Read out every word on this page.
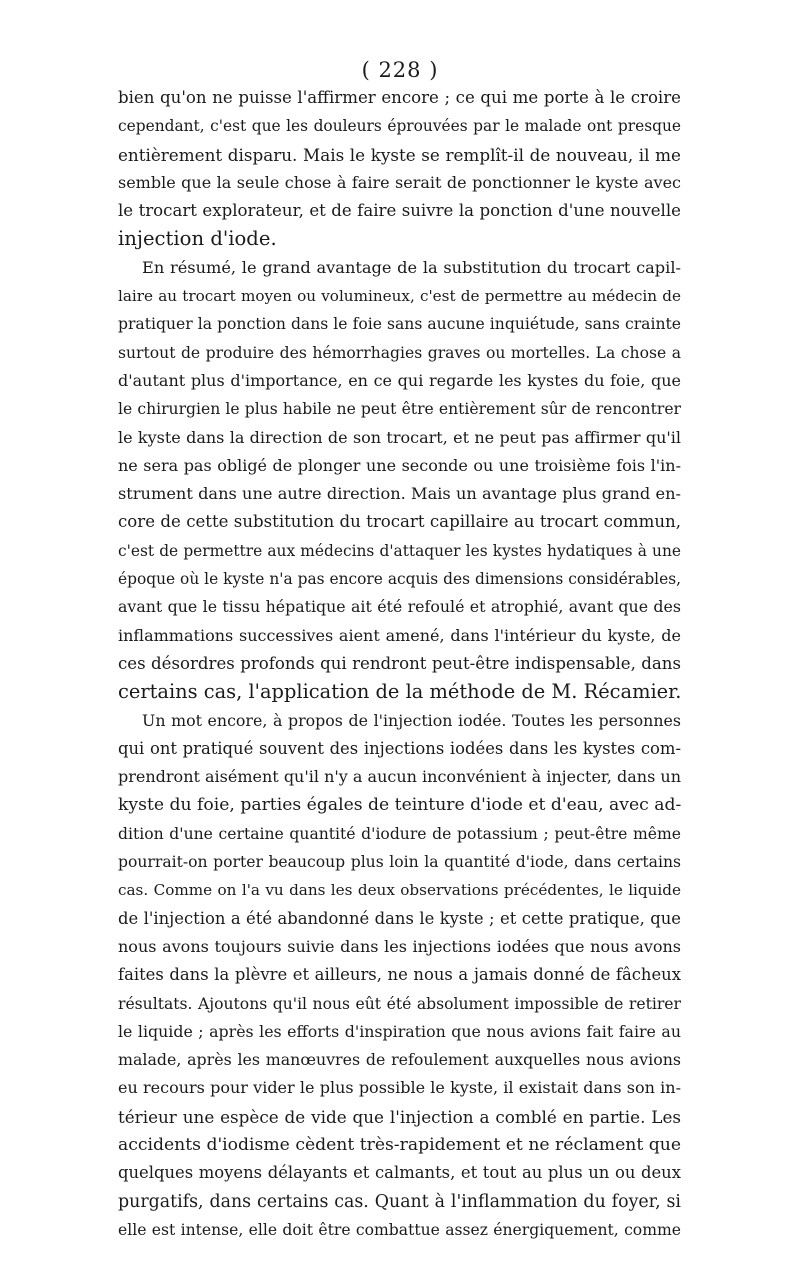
( 228 )
bien qu'on ne puisse l'affirmer encore ; ce qui me porte à le croire
cependant, c'est que les douleurs éprouvées par le malade ont presque
entièrement disparu. Mais le kyste se remplît-il de nouveau, il me
semble que la seule chose à faire serait de ponctionner le kyste avec
le trocart explorateur, et de faire suivre la ponction d'une nouvelle
injection d'iode.
En résumé, le grand avantage de la substitution du trocart capil-
laire au trocart moyen ou volumineux, c'est de permettre au médecin de
pratiquer la ponction dans le foie sans aucune inquiétude, sans crainte
surtout de produire des hémorrhagies graves ou mortelles. La chose a
d'autant plus d'importance, en ce qui regarde les kystes du foie, que
le chirurgien le plus habile ne peut être entièrement sûr de rencontrer
le kyste dans la direction de son trocart, et ne peut pas affirmer qu'il
ne sera pas obligé de plonger une seconde ou une troisième fois l'in-
strument dans une autre direction. Mais un avantage plus grand en-
core de cette substitution du trocart capillaire au trocart commun,
c'est de permettre aux médecins d'attaquer les kystes hydatiques à une
époque où le kyste n'a pas encore acquis des dimensions considérables,
avant que le tissu hépatique ait été refoulé et atrophié, avant que des
inflammations successives aient amené, dans l'intérieur du kyste, de
ces désordres profonds qui rendront peut-être indispensable, dans
certains cas, l'application de la méthode de M. Récamier.
Un mot encore, à propos de l'injection iodée. Toutes les personnes
qui ont pratiqué souvent des injections iodées dans les kystes com-
prendront aisément qu'il n'y a aucun inconvénient à injecter, dans un
kyste du foie, parties égales de teinture d'iode et d'eau, avec ad-
dition d'une certaine quantité d'iodure de potassium ; peut-être même
pourrait-on porter beaucoup plus loin la quantité d'iode, dans certains
cas. Comme on l'a vu dans les deux observations précédentes, le liquide
de l'injection a été abandonné dans le kyste ; et cette pratique, que
nous avons toujours suivie dans les injections iodées que nous avons
faites dans la plèvre et ailleurs, ne nous a jamais donné de fâcheux
résultats. Ajoutons qu'il nous eût été absolument impossible de retirer
le liquide ; après les efforts d'inspiration que nous avions fait faire au
malade, après les manœuvres de refoulement auxquelles nous avions
eu recours pour vider le plus possible le kyste, il existait dans son in-
térieur une espèce de vide que l'injection a comblé en partie. Les
accidents d'iodisme cèdent très-rapidement et ne réclament que
quelques moyens délayants et calmants, et tout au plus un ou deux
purgatifs, dans certains cas. Quant à l'inflammation du foyer, si
elle est intense, elle doit être combattue assez énergiquement, comme
